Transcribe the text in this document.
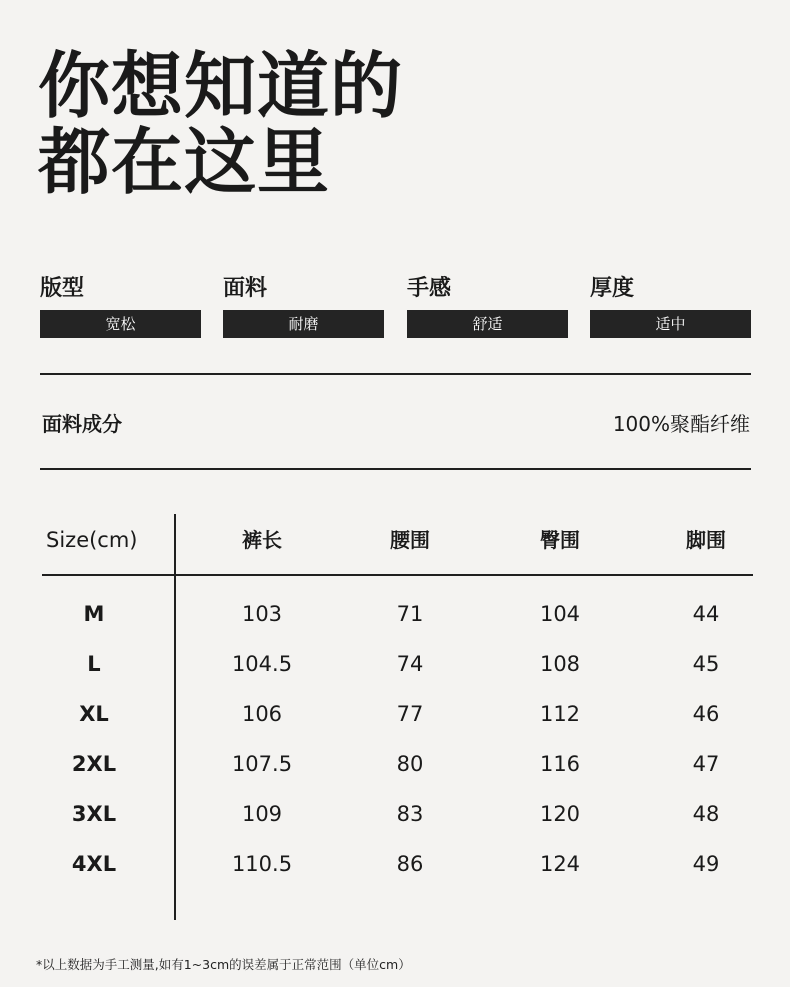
你想知道的
都在这里
版型
宽松
面料
耐磨
手感
舒适
厚度
适中
面料成分	100%聚酯纤维
Size(cm)	裤长	腰围	臀围	脚围
M	103	71	104	44
L	104.5	74	108	45
XL	106	77	112	46
2XL	107.5	80	116	47
3XL	109	83	120	48
4XL	110.5	86	124	49
*以上数据为手工测量,如有1~3cm的误差属于正常范围（单位cm）
